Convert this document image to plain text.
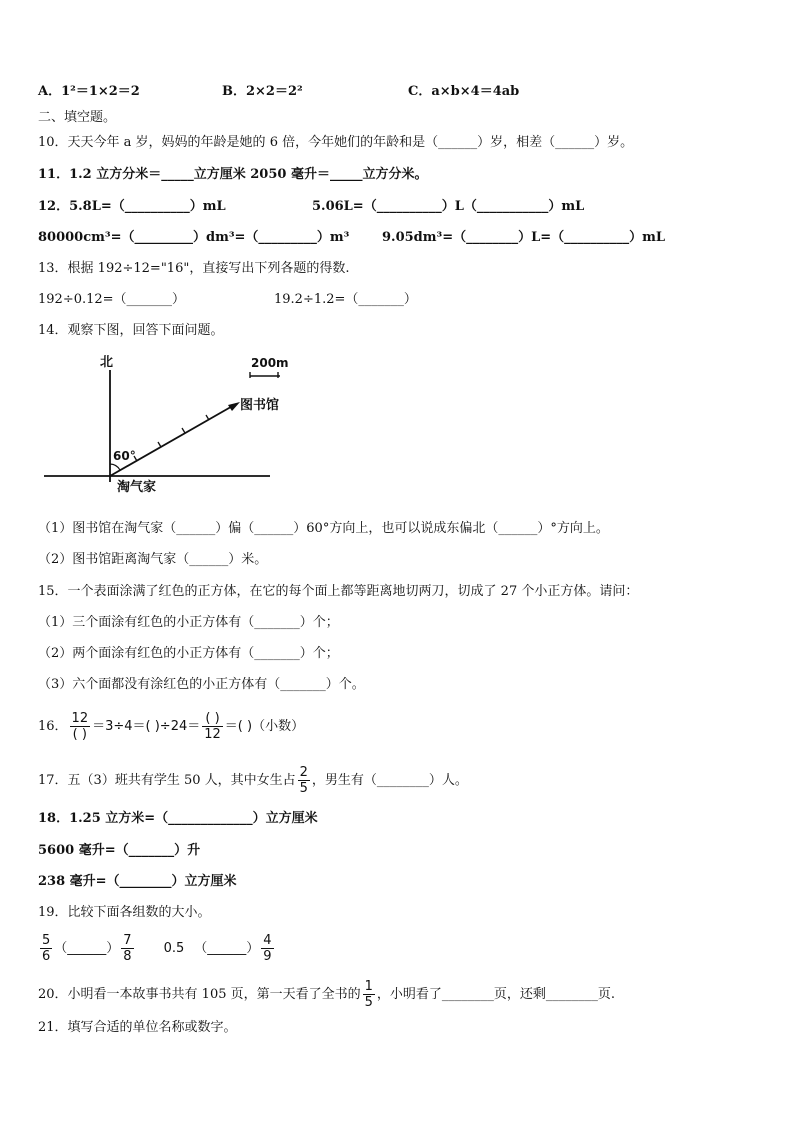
A．1²＝1×2＝2	B．2×2＝2²	C．a×b×4＝4ab
二、填空题。
10．天天今年 a 岁，妈妈的年龄是她的 6 倍，今年她们的年龄和是（______）岁，相差（______）岁。
11．1.2 立方分米＝_____立方厘米 2050 毫升＝_____立方分米。
12．5.8L=（__________）mL	5.06L=（__________）L（___________）mL
80000cm³=（_________）dm³=（_________）m³	9.05dm³=（________）L=（__________）mL
13．根据 192÷12="16"，直接写出下列各题的得数.
192÷0.12=（_______）	19.2÷1.2=（_______）
14．观察下图，回答下面问题。
北	200m
图书馆
60°
淘气家
（1）图书馆在淘气家（______）偏（______）60°方向上，也可以说成东偏北（______）°方向上。
（2）图书馆距离淘气家（______）米。
15．一个表面涂满了红色的正方体，在它的每个面上都等距离地切两刀，切成了 27 个小正方体。请问：
（1）三个面涂有红色的小正方体有（_______）个；
（2）两个面涂有红色的小正方体有（_______）个；
（3）六个面都没有涂红色的小正方体有（_______）个。
16． $\frac{12}{( )} =3\div 4=$( )$\div 24= \frac{( )}{12}$ ＝( )（小数）
17．五（3）班共有学生 50 人，其中女生占 $\frac{2}{5}$ ，男生有（________）人。
18．1.25 立方米=（_____________）立方厘米
5600 毫升=（_______）升
238 毫升=（________）立方厘米
19．比较下面各组数的大小。
$\frac{5}{6}$ （______） $\frac{7}{8} 0.5$ （______） $\frac{4}{9}$
20．小明看一本故事书共有 105 页，第一天看了全书的 $\frac{1}{5}$ ，小明看了________页，还剩________页.
21．填写合适的单位名称或数字。
